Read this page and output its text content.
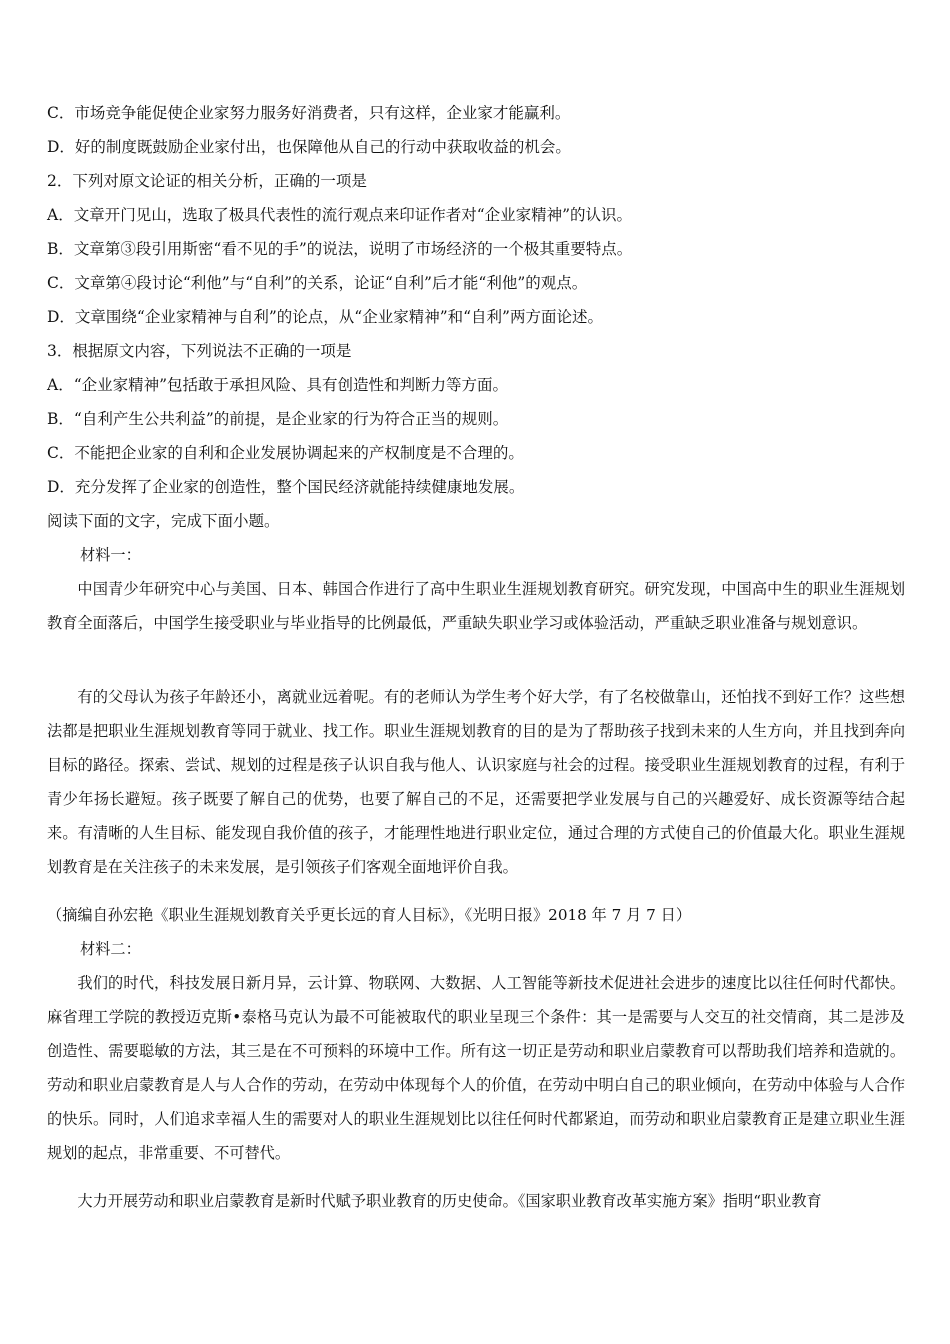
C．市场竞争能促使企业家努力服务好消费者，只有这样，企业家才能赢利。
D．好的制度既鼓励企业家付出，也保障他从自己的行动中获取收益的机会。
2．下列对原文论证的相关分析，正确的一项是
A．文章开门见山，选取了极具代表性的流行观点来印证作者对“企业家精神”的认识。
B．文章第③段引用斯密“看不见的手”的说法，说明了市场经济的一个极其重要特点。
C．文章第④段讨论“利他”与“自利”的关系，论证“自利”后才能“利他”的观点。
D．文章围绕“企业家精神与自利”的论点，从“企业家精神”和“自利”两方面论述。
3．根据原文内容，下列说法不正确的一项是
A．“企业家精神”包括敢于承担风险、具有创造性和判断力等方面。
B．“自利产生公共利益”的前提，是企业家的行为符合正当的规则。
C．不能把企业家的自利和企业发展协调起来的产权制度是不合理的。
D．充分发挥了企业家的创造性，整个国民经济就能持续健康地发展。
阅读下面的文字，完成下面小题。
材料一：

中国青少年研究中心与美国、日本、韩国合作进行了高中生职业生涯规划教育研究。研究发现，中国高中生的职业生涯规划教育全面落后，中国学生接受职业与毕业指导的比例最低，严重缺失职业学习或体验活动，严重缺乏职业准备与规划意识。

有的父母认为孩子年龄还小，离就业远着呢。有的老师认为学生考个好大学，有了名校做靠山，还怕找不到好工作？这些想法都是把职业生涯规划教育等同于就业、找工作。职业生涯规划教育的目的是为了帮助孩子找到未来的人生方向，并且找到奔向目标的路径。探索、尝试、规划的过程是孩子认识自我与他人、认识家庭与社会的过程。接受职业生涯规划教育的过程，有利于青少年扬长避短。孩子既要了解自己的优势，也要了解自己的不足，还需要把学业发展与自己的兴趣爱好、成长资源等结合起来。有清晰的人生目标、能发现自我价值的孩子，才能理性地进行职业定位，通过合理的方式使自己的价值最大化。职业生涯规划教育是在关注孩子的未来发展，是引领孩子们客观全面地评价自我。

（摘编自孙宏艳《职业生涯规划教育关乎更长远的育人目标》，《光明日报》2018 年 7 月 7 日）
材料二：

我们的时代，科技发展日新月异，云计算、物联网、大数据、人工智能等新技术促进社会进步的速度比以往任何时代都快。麻省理工学院的教授迈克斯•泰格马克认为最不可能被取代的职业呈现三个条件：其一是需要与人交互的社交情商，其二是涉及创造性、需要聪敏的方法，其三是在不可预料的环境中工作。所有这一切正是劳动和职业启蒙教育可以帮助我们培养和造就的。劳动和职业启蒙教育是人与人合作的劳动，在劳动中体现每个人的价值，在劳动中明白自己的职业倾向，在劳动中体验与人合作的快乐。同时，人们追求幸福人生的需要对人的职业生涯规划比以往任何时代都紧迫，而劳动和职业启蒙教育正是建立职业生涯规划的起点，非常重要、不可替代。

大力开展劳动和职业启蒙教育是新时代赋予职业教育的历史使命。《国家职业教育改革实施方案》指明“职业教育
